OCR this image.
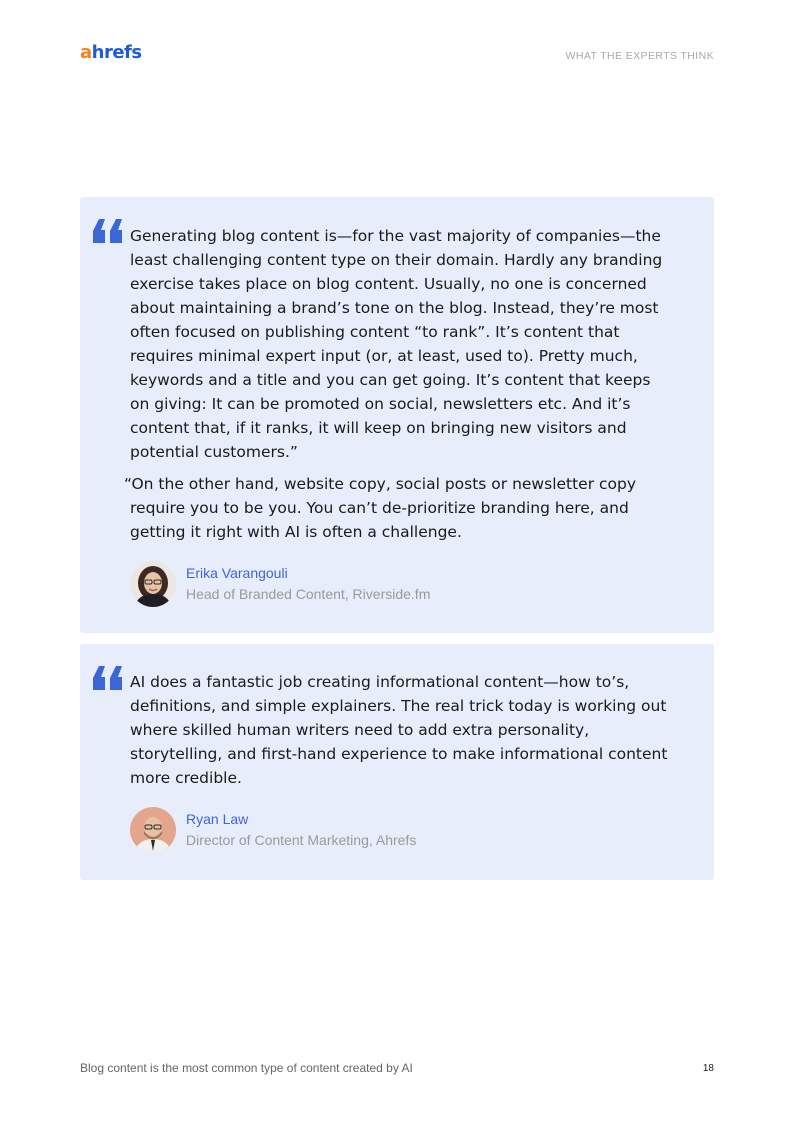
ahrefs	WHAT THE EXPERTS THINK

Generating blog content is—for the vast majority of companies—the least challenging content type on their domain. Hardly any branding exercise takes place on blog content. Usually, no one is concerned about maintaining a brand’s tone on the blog. Instead, they’re most often focused on publishing content “to rank”. It’s content that requires minimal expert input (or, at least, used to). Pretty much, keywords and a title and you can get going. It’s content that keeps on giving: It can be promoted on social, newsletters etc. And it’s content that, if it ranks, it will keep on bringing new visitors and potential customers.”

“On the other hand, website copy, social posts or newsletter copy require you to be you. You can’t de-prioritize branding here, and getting it right with AI is often a challenge.

Erika Varangouli
Head of Branded Content, Riverside.fm

AI does a fantastic job creating informational content—how to’s, definitions, and simple explainers. The real trick today is working out where skilled human writers need to add extra personality, storytelling, and first-hand experience to make informational content more credible.

Ryan Law
Director of Content Marketing, Ahrefs
Blog content is the most common type of content created by AI	18
